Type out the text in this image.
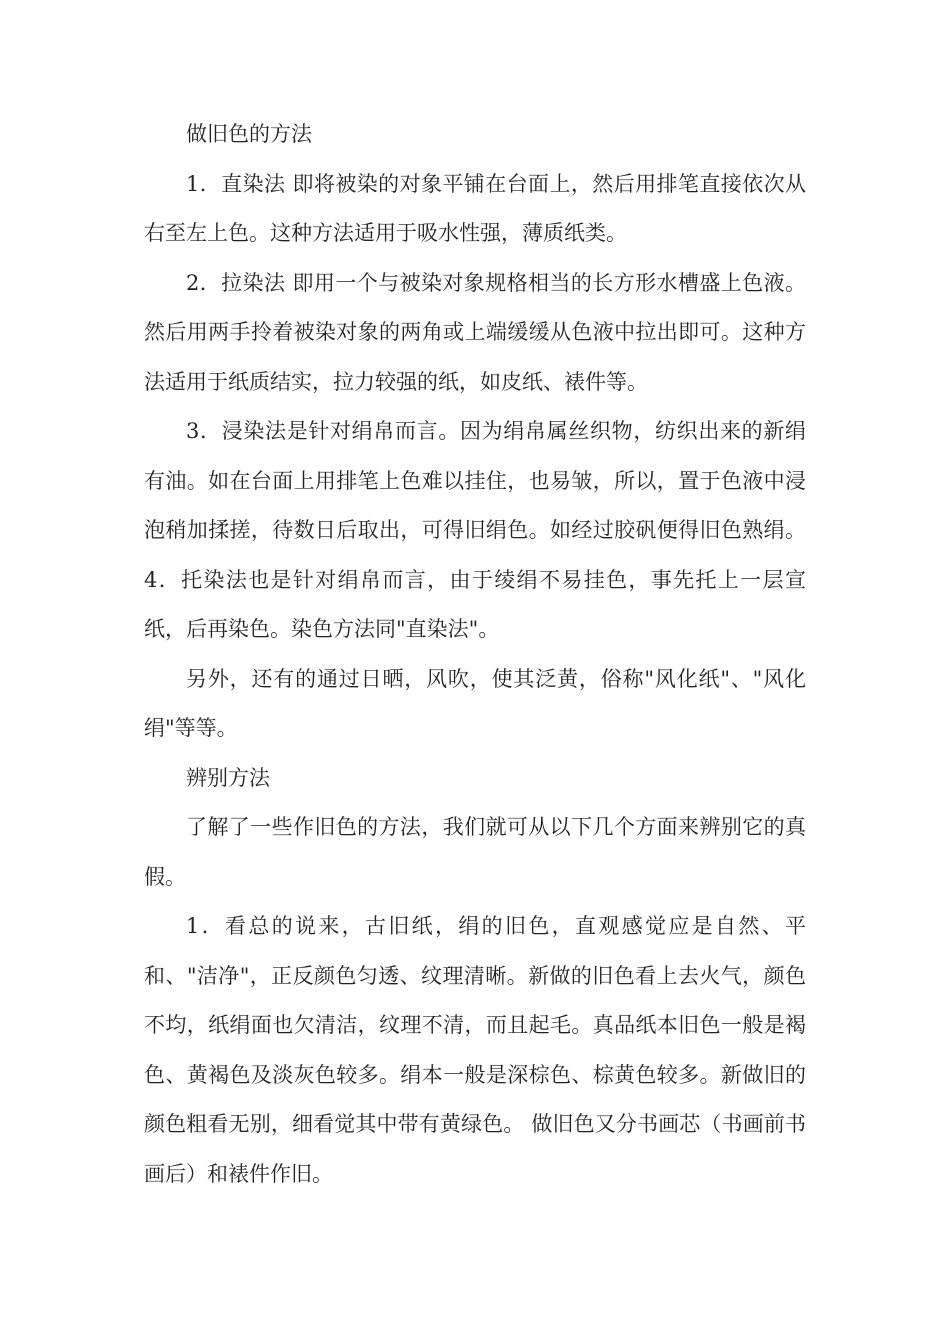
做旧色的方法

1．直染法 即将被染的对象平铺在台面上，然后用排笔直接依次从右至左上色。这种方法适用于吸水性强，薄质纸类。

2．拉染法 即用一个与被染对象规格相当的长方形水槽盛上色液。然后用两手拎着被染对象的两角或上端缓缓从色液中拉出即可。这种方法适用于纸质结实，拉力较强的纸，如皮纸、裱件等。

3．浸染法是针对绢帛而言。因为绢帛属丝织物，纺织出来的新绢有油。如在台面上用排笔上色难以挂住，也易皱，所以，置于色液中浸泡稍加揉搓，待数日后取出，可得旧绢色。如经过胶矾便得旧色熟绢。 4．托染法也是针对绢帛而言，由于绫绢不易挂色，事先托上一层宣纸，后再染色。染色方法同"直染法"。

另外，还有的通过日晒，风吹，使其泛黄，俗称"风化纸"、"风化绢"等等。

辨别方法

了解了一些作旧色的方法，我们就可从以下几个方面来辨别它的真假。

1．看总的说来，古旧纸，绢的旧色，直观感觉应是自然、平和、"洁净"，正反颜色匀透、纹理清晰。新做的旧色看上去火气，颜色不均，纸绢面也欠清洁，纹理不清，而且起毛。真品纸本旧色一般是褐色、黄褐色及淡灰色较多。绢本一般是深棕色、棕黄色较多。新做旧的颜色粗看无别，细看觉其中带有黄绿色。 做旧色又分书画芯（书画前书画后）和裱件作旧。
